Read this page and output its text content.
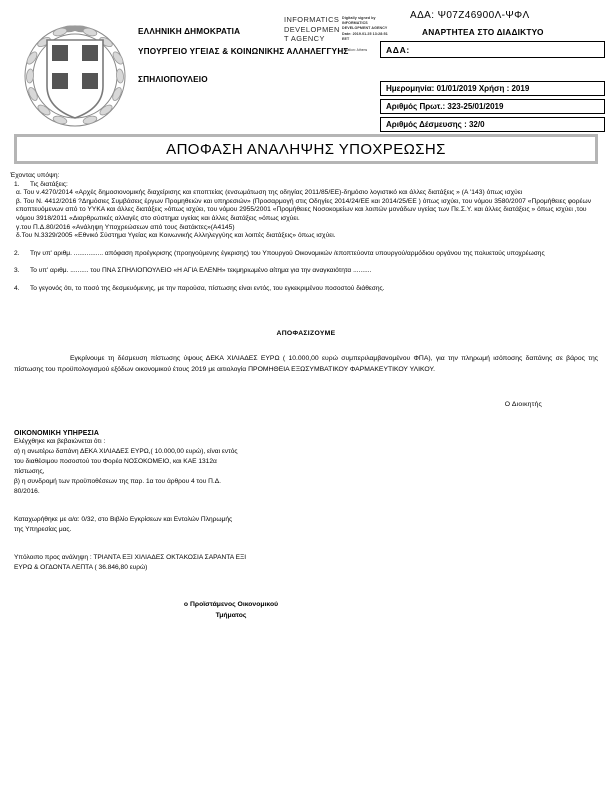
ΕΛΛΗΝΙΚΗ ΔΗΜΟΚΡΑΤΙΑ
ΥΠΟΥΡΓΕΙΟ ΥΓΕΙΑΣ & ΚΟΙΝΩΝΙΚΗΣ ΑΛΛΗΛΕΓΓΥΗΣ
ΣΠΗΛΙΟΠΟΥΛΕΙΟ
INFORMATICS
DEVELOPMEN
T AGENCY
Digitally signed by
INFORMATICS
DEVELOPMENT AGENCY
Date: 2019.01.25 13:28:51
EET
Location: Athens
ΑΔΑ: Ψ07Ζ46900Λ-ΨΦΛ
ΑΝΑΡΤΗΤΕΑ ΣΤΟ ΔΙΑΔΙΚΤΥΟ
ΑΔΑ:
Ημερομηνία: 01/01/2019 Χρήση : 2019
Αριθμός Πρωτ.: 323-25/01/2019
Αριθμός Δέσμευσης : 32/0
ΑΠΟΦΑΣΗ ΑΝΑΛΗΨΗΣ ΥΠΟΧΡΕΩΣΗΣ

Έχοντας υπόψη:

1.	Τις διατάξεις:

α. Του ν.4270/2014 «Αρχές δημοσιονομικής διαχείρισης και εποπτείας (ενσωμάτωση της οδηγίας 2011/85/ΕΕ)-δημόσιο λογιστικό και άλλες διατάξεις » (Α '143) όπως ισχύει

β. Του Ν. 4412/2016 ?Δημόσιες Συμβάσεις έργων Προμηθειών και υπηρεσιών» (Προσαρμογή στις Οδηγίες 2014/24/ΕΕ και 2014/25/ΕΕ ) όπως ισχύει, του νόμου 3580/2007 «Προμήθειες φορέων εποπτευόμενων από το ΥΥΚΑ και άλλες διατάξεις »όπως ισχύει, του νόμου 2955/2001 «Προμήθειες Νοσοκομείων και λοιπών μονάδων υγείας των Πε.Σ.Υ. και άλλες διατάξεις » όπως ισχύει ,του νόμου 3918/2011 «Διαρθρωτικές αλλαγές στο σύστημα υγείας και άλλες διατάξεις »όπως ισχύει.

γ.του Π.Δ.80/2016 «Ανάληψη Υποχρεώσεων από τους διατάκτες»(Α4145)

δ.Του Ν.3329/2005 «Εθνικό Σύστημα Υγείας και Κοινωνικής Αλληλεγγύης και λοιπές διατάξεις» όπως ισχύει.

2.	Την υπ' αριθμ. ................ απόφαση προέγκρισης (προηγούμενης έγκρισης) του Υπουργού Οικονομικών /εποπτεύοντα υπουργού/αρμόδιου οργάνου της πολυετούς υποχρέωσης
3.	Το υπ' αριθμ. .......... του ΠΝΑ ΣΠΗΛΙΟΠΟΥΛΕΙΟ «Η ΑΓΙΑ ΕΛΕΝΗ» τεκμηριωμένο αίτημα για την αναγκαιότητα ..........
4.	Το γεγονός ότι, το ποσό της δεσμευόμενης, με την παρούσα, πίστωσης είναι εντός, του εγκεκριμένου ποσοστού διάθεσης.
ΑΠΟΦΑΣΙΖΟΥΜΕ
Εγκρίνουμε τη δέσμευση πίστωσης ύψους ΔΕΚΑ ΧΙΛΙΑΔΕΣ ΕΥΡΩ ( 10.000,00 ευρώ συμπεριλαμβανομένου ΦΠΑ), για την πληρωμή ισόποσης δαπάνης σε βάρος της πίστωσης του προϋπολογισμού εξόδων οικονομικού έτους 2019 με αιτιολογία ΠΡΟΜΗΘΕΙΑ ΕΞΩΣΥΜΒΑΤΙΚΟΥ ΦΑΡΜΑΚΕΥΤΙΚΟΥ ΥΛΙΚΟΥ.
Ο Διοικητής
ΟΙΚΟΝΟΜΙΚΗ ΥΠΗΡΕΣΙΑ
Ελέγχθηκε και βεβαιώνεται ότι :
α) η ανωτέρω δαπάνη ΔΕΚΑ ΧΙΛΙΑΔΕΣ ΕΥΡΩ,( 10.000,00 ευρώ), είναι εντός
του διαθέσιμου ποσοστού του Φορέα ΝΟΣΟΚΟΜΕΙΟ, και ΚΑΕ 1312α
πίστωσης,
β) η συνδρομή των προϋποθέσεων της παρ. 1α του άρθρου 4 του Π.Δ.
80/2016.
Καταχωρήθηκε με α/α: 0/32, στο Βιβλίο Εγκρίσεων και Εντολών Πληρωμής
της Υπηρεσίας μας.
Υπόλοιπο προς ανάληψη : ΤΡΙΑΝΤΑ ΕΞΙ ΧΙΛΙΑΔΕΣ ΟΚΤΑΚΟΣΙΑ ΣΑΡΑΝΤΑ ΕΞΙ
ΕΥΡΩ & ΟΓΔΟΝΤΑ ΛΕΠΤΑ ( 36.846,80 ευρώ)
ο Προϊστάμενος Οικονομικού
Τμήματος
